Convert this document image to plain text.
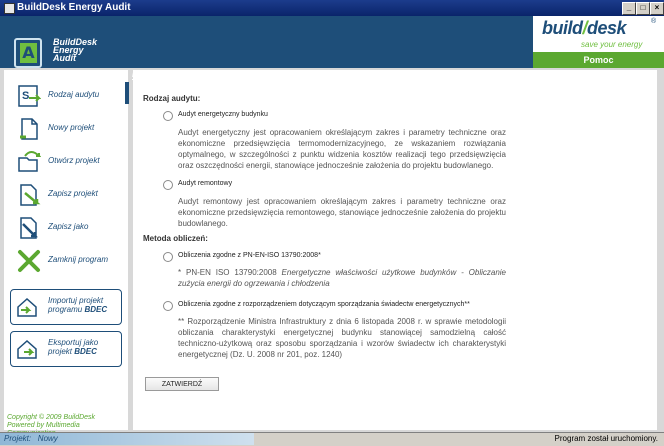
BuildDesk Energy Audit	_	□	×
A
BuildDesk
Energy
Audit
build/desk	®
save your energy
Pomoc
S Rodzaj audytu
Nowy projekt
Otwórz projekt
Zapisz projekt
Zapisz jako
Zamknij program
Importuj projekt
programu BDEC
Eksportuj jako
projekt BDEC
Copyright © 2009 BuildDesk
Powered by Multimedia
Rodzaj audytu:
Audyt energetyczny budynku
Audyt energetyczny jest opracowaniem określającym zakres i parametry techniczne oraz ekonomiczne przedsięwzięcia termomodernizacyjnego, ze wskazaniem rozwiązania optymalnego, w szczególności z punktu widzenia kosztów realizacji tego przedsięwzięcia oraz oszczędności energii, stanowiące jednocześnie założenia do projektu budowlanego.
Audyt remontowy
Audyt remontowy jest opracowaniem określającym zakres i parametry techniczne oraz ekonomiczne przedsięwzięcia remontowego, stanowiące jednocześnie założenia do projektu budowlanego.
Metoda obliczeń:
Obliczenia zgodne z PN-EN-ISO 13790:2008*
* PN-EN ISO 13790:2008 Energetyczne właściwości użytkowe budynków - Obliczanie zużycia energii do ogrzewania i chłodzenia
Obliczenia zgodne z rozporządzeniem dotyczącym sporządzania świadectw energetycznych**
** Rozporządzenie Ministra Infrastruktury z dnia 6 listopada 2008 r. w sprawie metodologii obliczania charakterystyki energetycznej budynku stanowiącej samodzielną całość techniczno-użytkową oraz sposobu sporządzania i wzorów świadectw ich charakterystyki energetycznej (Dz. U. 2008 nr 201, poz. 1240)
ZATWIERDŹ
Projekt: Nowy	Program został uruchomiony.
